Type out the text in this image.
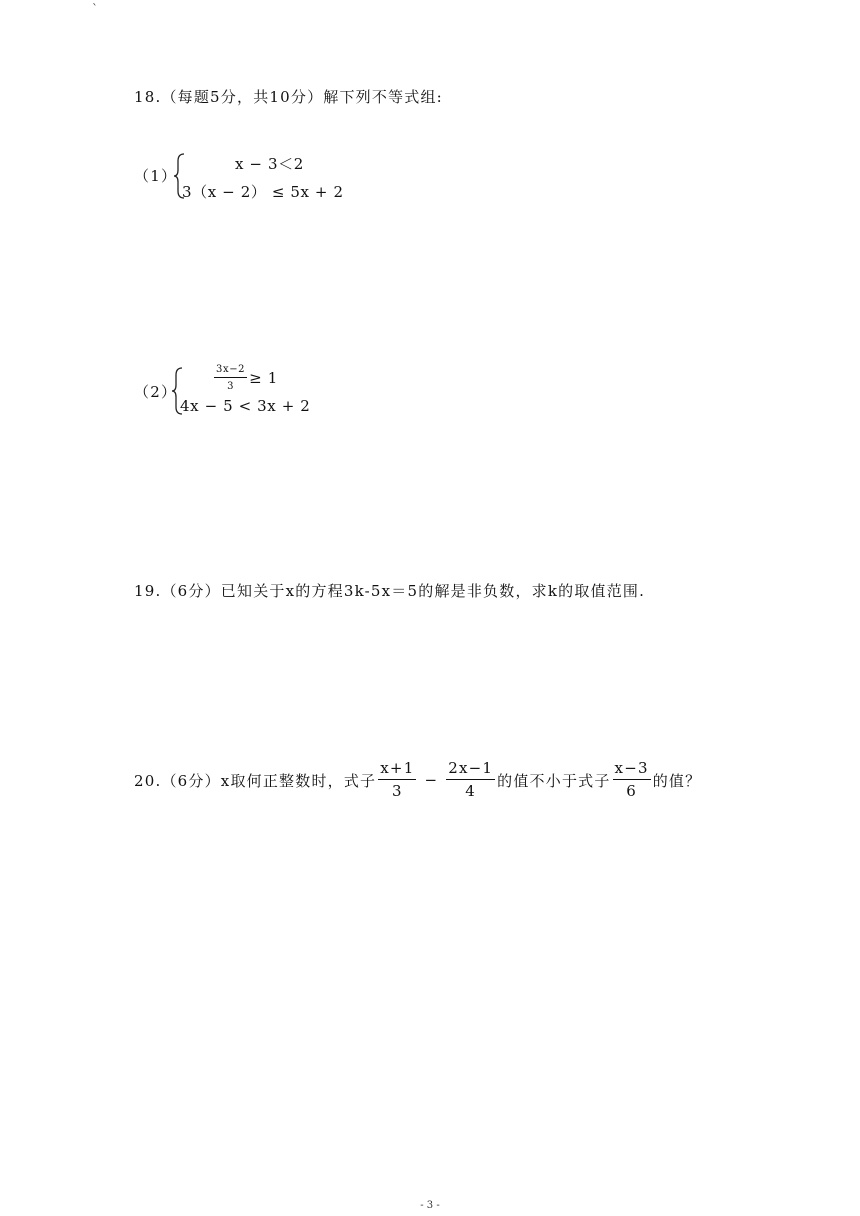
`
18.（每题5分，共10分）解下列不等式组:
（1）
x − 3＜2
3（x − 2） ≤ 5x + 2
（2）	$\frac{3x-2}{3} \ge 1$
4x − 5 < 3x + 2
19.（6分）已知关于x的方程3k-5x＝5的解是非负数，求k的取值范围.
20.（6分）x取何正整数时，式子 $\frac{x+1}{3} - \frac{2x-1}{4}$ 的值不小于式子 $\frac{x-3}{6}$ 的值？
- 3 -
